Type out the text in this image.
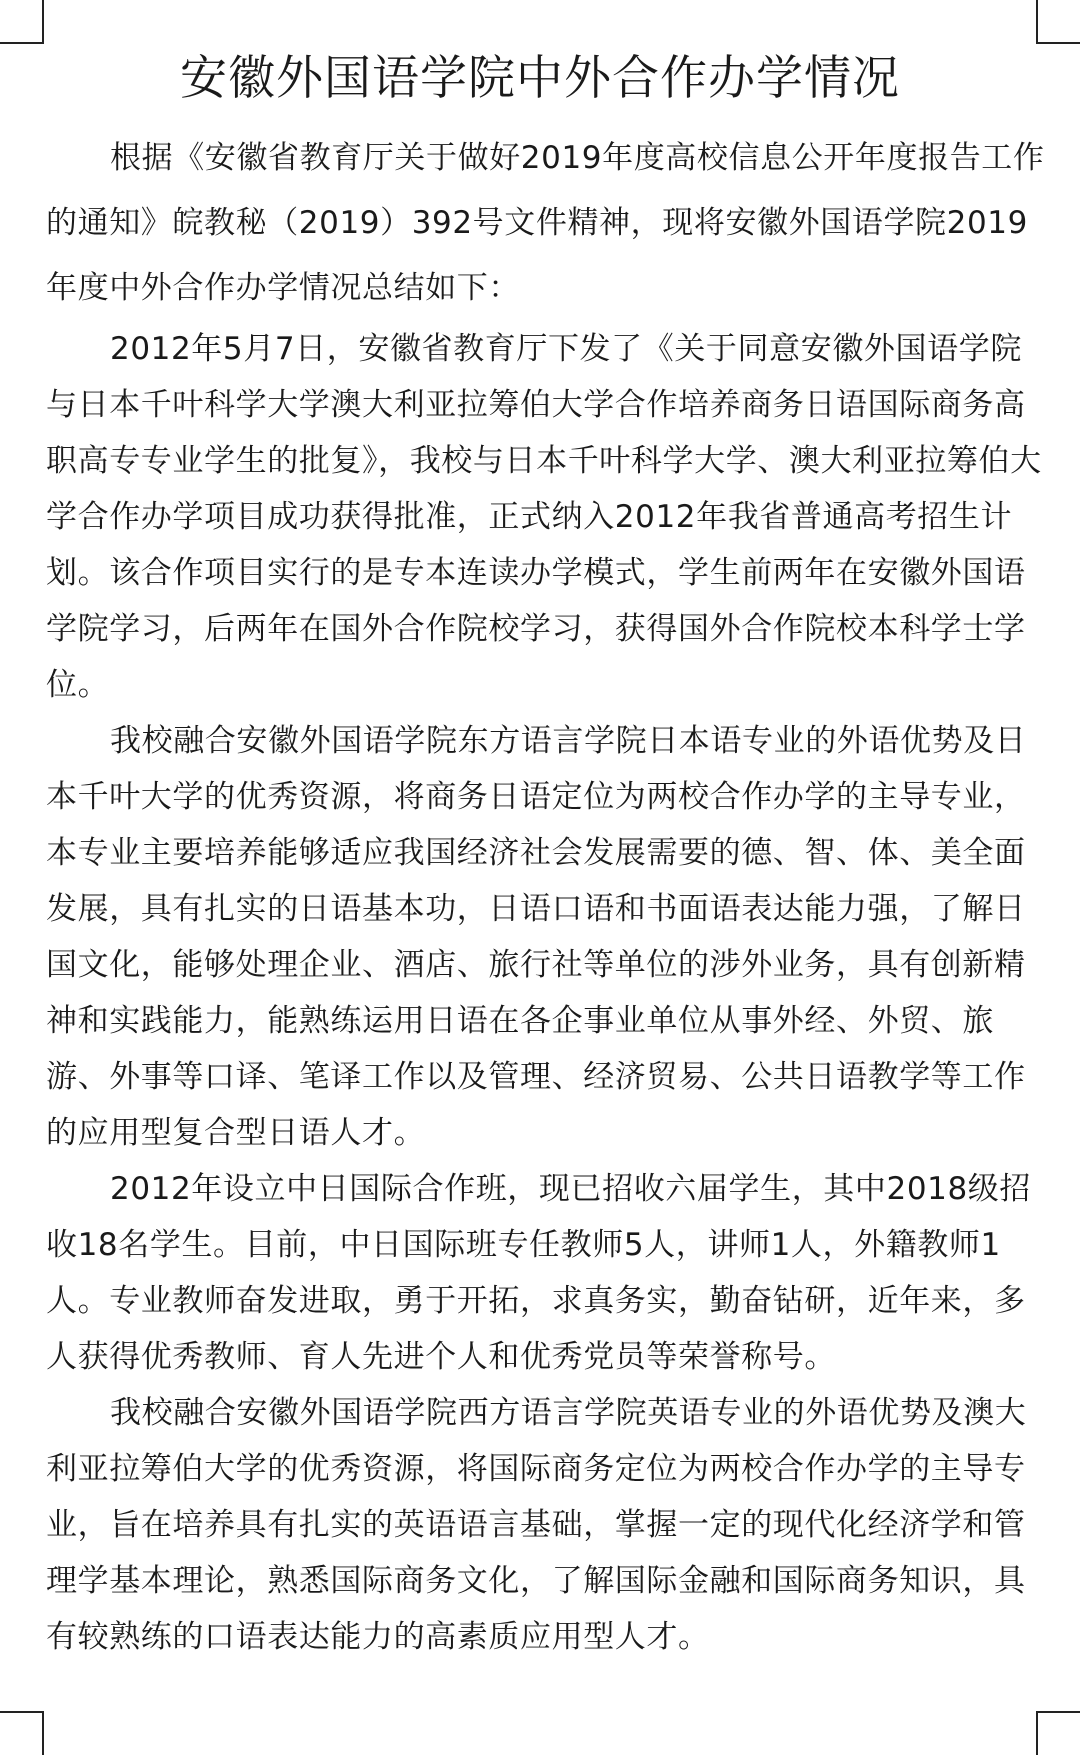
安徽外国语学院中外合作办学情况

根据《安徽省教育厅关于做好2019年度高校信息公开年度报告工作的通知》皖教秘（2019）392号文件精神，现将安徽外国语学院2019年度中外合作办学情况总结如下：

2012年5月7日，安徽省教育厅下发了《关于同意安徽外国语学院与日本千叶科学大学澳大利亚拉筹伯大学合作培养商务日语国际商务高职高专专业学生的批复》，我校与日本千叶科学大学、澳大利亚拉筹伯大学合作办学项目成功获得批准，正式纳入2012年我省普通高考招生计划。该合作项目实行的是专本连读办学模式，学生前两年在安徽外国语学院学习，后两年在国外合作院校学习，获得国外合作院校本科学士学位。

我校融合安徽外国语学院东方语言学院日本语专业的外语优势及日本千叶大学的优秀资源，将商务日语定位为两校合作办学的主导专业，本专业主要培养能够适应我国经济社会发展需要的德、智、体、美全面发展，具有扎实的日语基本功，日语口语和书面语表达能力强，了解日国文化，能够处理企业、酒店、旅行社等单位的涉外业务，具有创新精神和实践能力，能熟练运用日语在各企事业单位从事外经、外贸、旅游、外事等口译、笔译工作以及管理、经济贸易、公共日语教学等工作的应用型复合型日语人才。

2012年设立中日国际合作班，现已招收六届学生，其中2018级招收18名学生。目前，中日国际班专任教师5人，讲师1人，外籍教师1人。专业教师奋发进取，勇于开拓，求真务实，勤奋钻研，近年来，多人获得优秀教师、育人先进个人和优秀党员等荣誉称号。

我校融合安徽外国语学院西方语言学院英语专业的外语优势及澳大利亚拉筹伯大学的优秀资源，将国际商务定位为两校合作办学的主导专业，旨在培养具有扎实的英语语言基础，掌握一定的现代化经济学和管理学基本理论，熟悉国际商务文化，了解国际金融和国际商务知识，具有较熟练的口语表达能力的高素质应用型人才。
